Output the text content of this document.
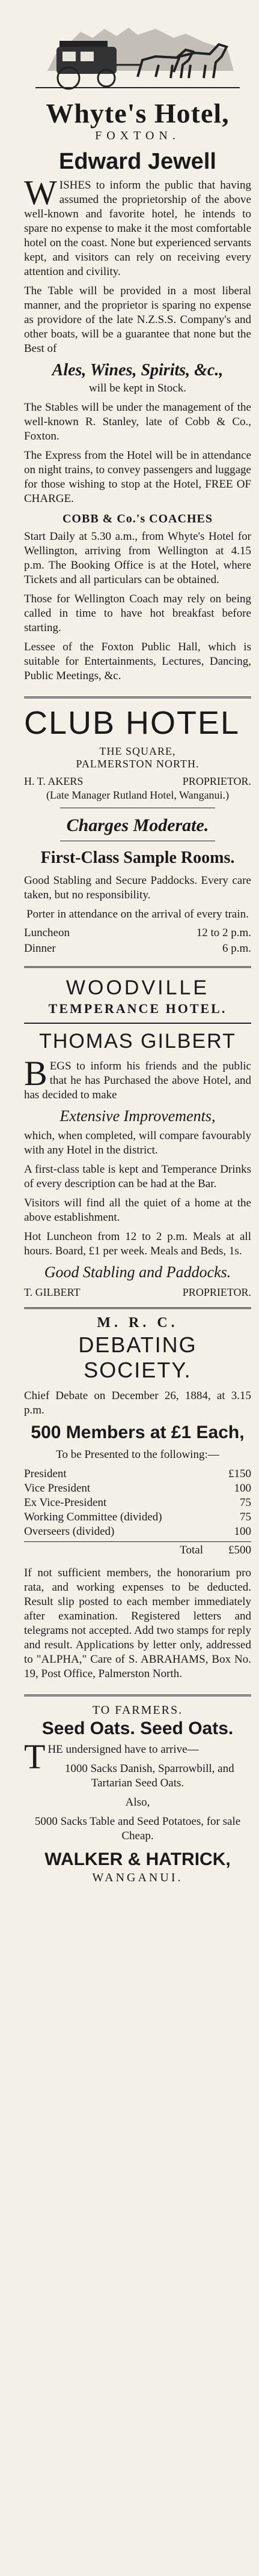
Whyte's Hotel,
FOXTON.
Edward Jewell

WISHES to inform the public that having assumed the proprietorship of the above well-known and favorite hotel, he intends to spare no expense to make it the most comfortable hotel on the coast. None but experienced servants kept, and visitors can rely on receiving every attention and civility.

The Table will be provided in a most liberal manner, and the proprietor is sparing no expense as providore of the late N.Z.S.S. Company's and other boats, will be a guarantee that none but the Best of

Ales, Wines, Spirits, &c.,

will be kept in Stock.

The Stables will be under the management of the well-known R. Stanley, late of Cobb & Co., Foxton.

The Express from the Hotel will be in attendance on night trains, to convey passengers and luggage for those wishing to stop at the Hotel, FREE OF CHARGE.

COBB & Co.'s COACHES

Start Daily at 5.30 a.m., from Whyte's Hotel for Wellington, arriving from Wellington at 4.15 p.m. The Booking Office is at the Hotel, where Tickets and all particulars can be obtained.

Those for Wellington Coach may rely on being called in time to have hot breakfast before starting.

Lessee of the Foxton Public Hall, which is suitable for Entertainments, Lectures, Dancing, Public Meetings, &c.

CLUB HOTEL
THE SQUARE,
PALMERSTON NORTH.
H. T. AKERS	PROPRIETOR.
(Late Manager Rutland Hotel, Wanganui.)
Charges Moderate.
First-Class Sample Rooms.

Good Stabling and Secure Paddocks. Every care taken, but no responsibility.

Porter in attendance on the arrival of every train.

Luncheon	12 to 2 p.m.
Dinner	6 p.m.
WOODVILLE
TEMPERANCE HOTEL.
THOMAS GILBERT

BEGS to inform his friends and the public that he has Purchased the above Hotel, and has decided to make

Extensive Improvements,

which, when completed, will compare favourably with any Hotel in the district.

A first-class table is kept and Temperance Drinks of every description can be had at the Bar.

Visitors will find all the quiet of a home at the above establishment.

Hot Luncheon from 12 to 2 p.m. Meals at all hours. Board, £1 per week. Meals and Beds, 1s.

Good Stabling and Paddocks.
T. GILBERT	PROPRIETOR.
M. R. C.
DEBATING SOCIETY.

Chief Debate on December 26, 1884, at 3.15 p.m.

500 Members at £1 Each,

To be Presented to the following:—

President	£150
Vice President	100
Ex Vice-President	75
Working Committee (divided)	75
Overseers (divided)	100
Total	£500

If not sufficient members, the honorarium pro rata, and working expenses to be deducted. Result slip posted to each member immediately after examination. Registered letters and telegrams not accepted. Add two stamps for reply and result. Applications by letter only, addressed to "ALPHA," Care of S. ABRAHAMS, Box No. 19, Post Office, Palmerston North.

TO FARMERS.
Seed Oats. Seed Oats.

THE undersigned have to arrive—

1000 Sacks Danish, Sparrowbill, and Tartarian Seed Oats.

Also,

5000 Sacks Table and Seed Potatoes, for sale Cheap.

WALKER & HATRICK,
WANGANUI.
